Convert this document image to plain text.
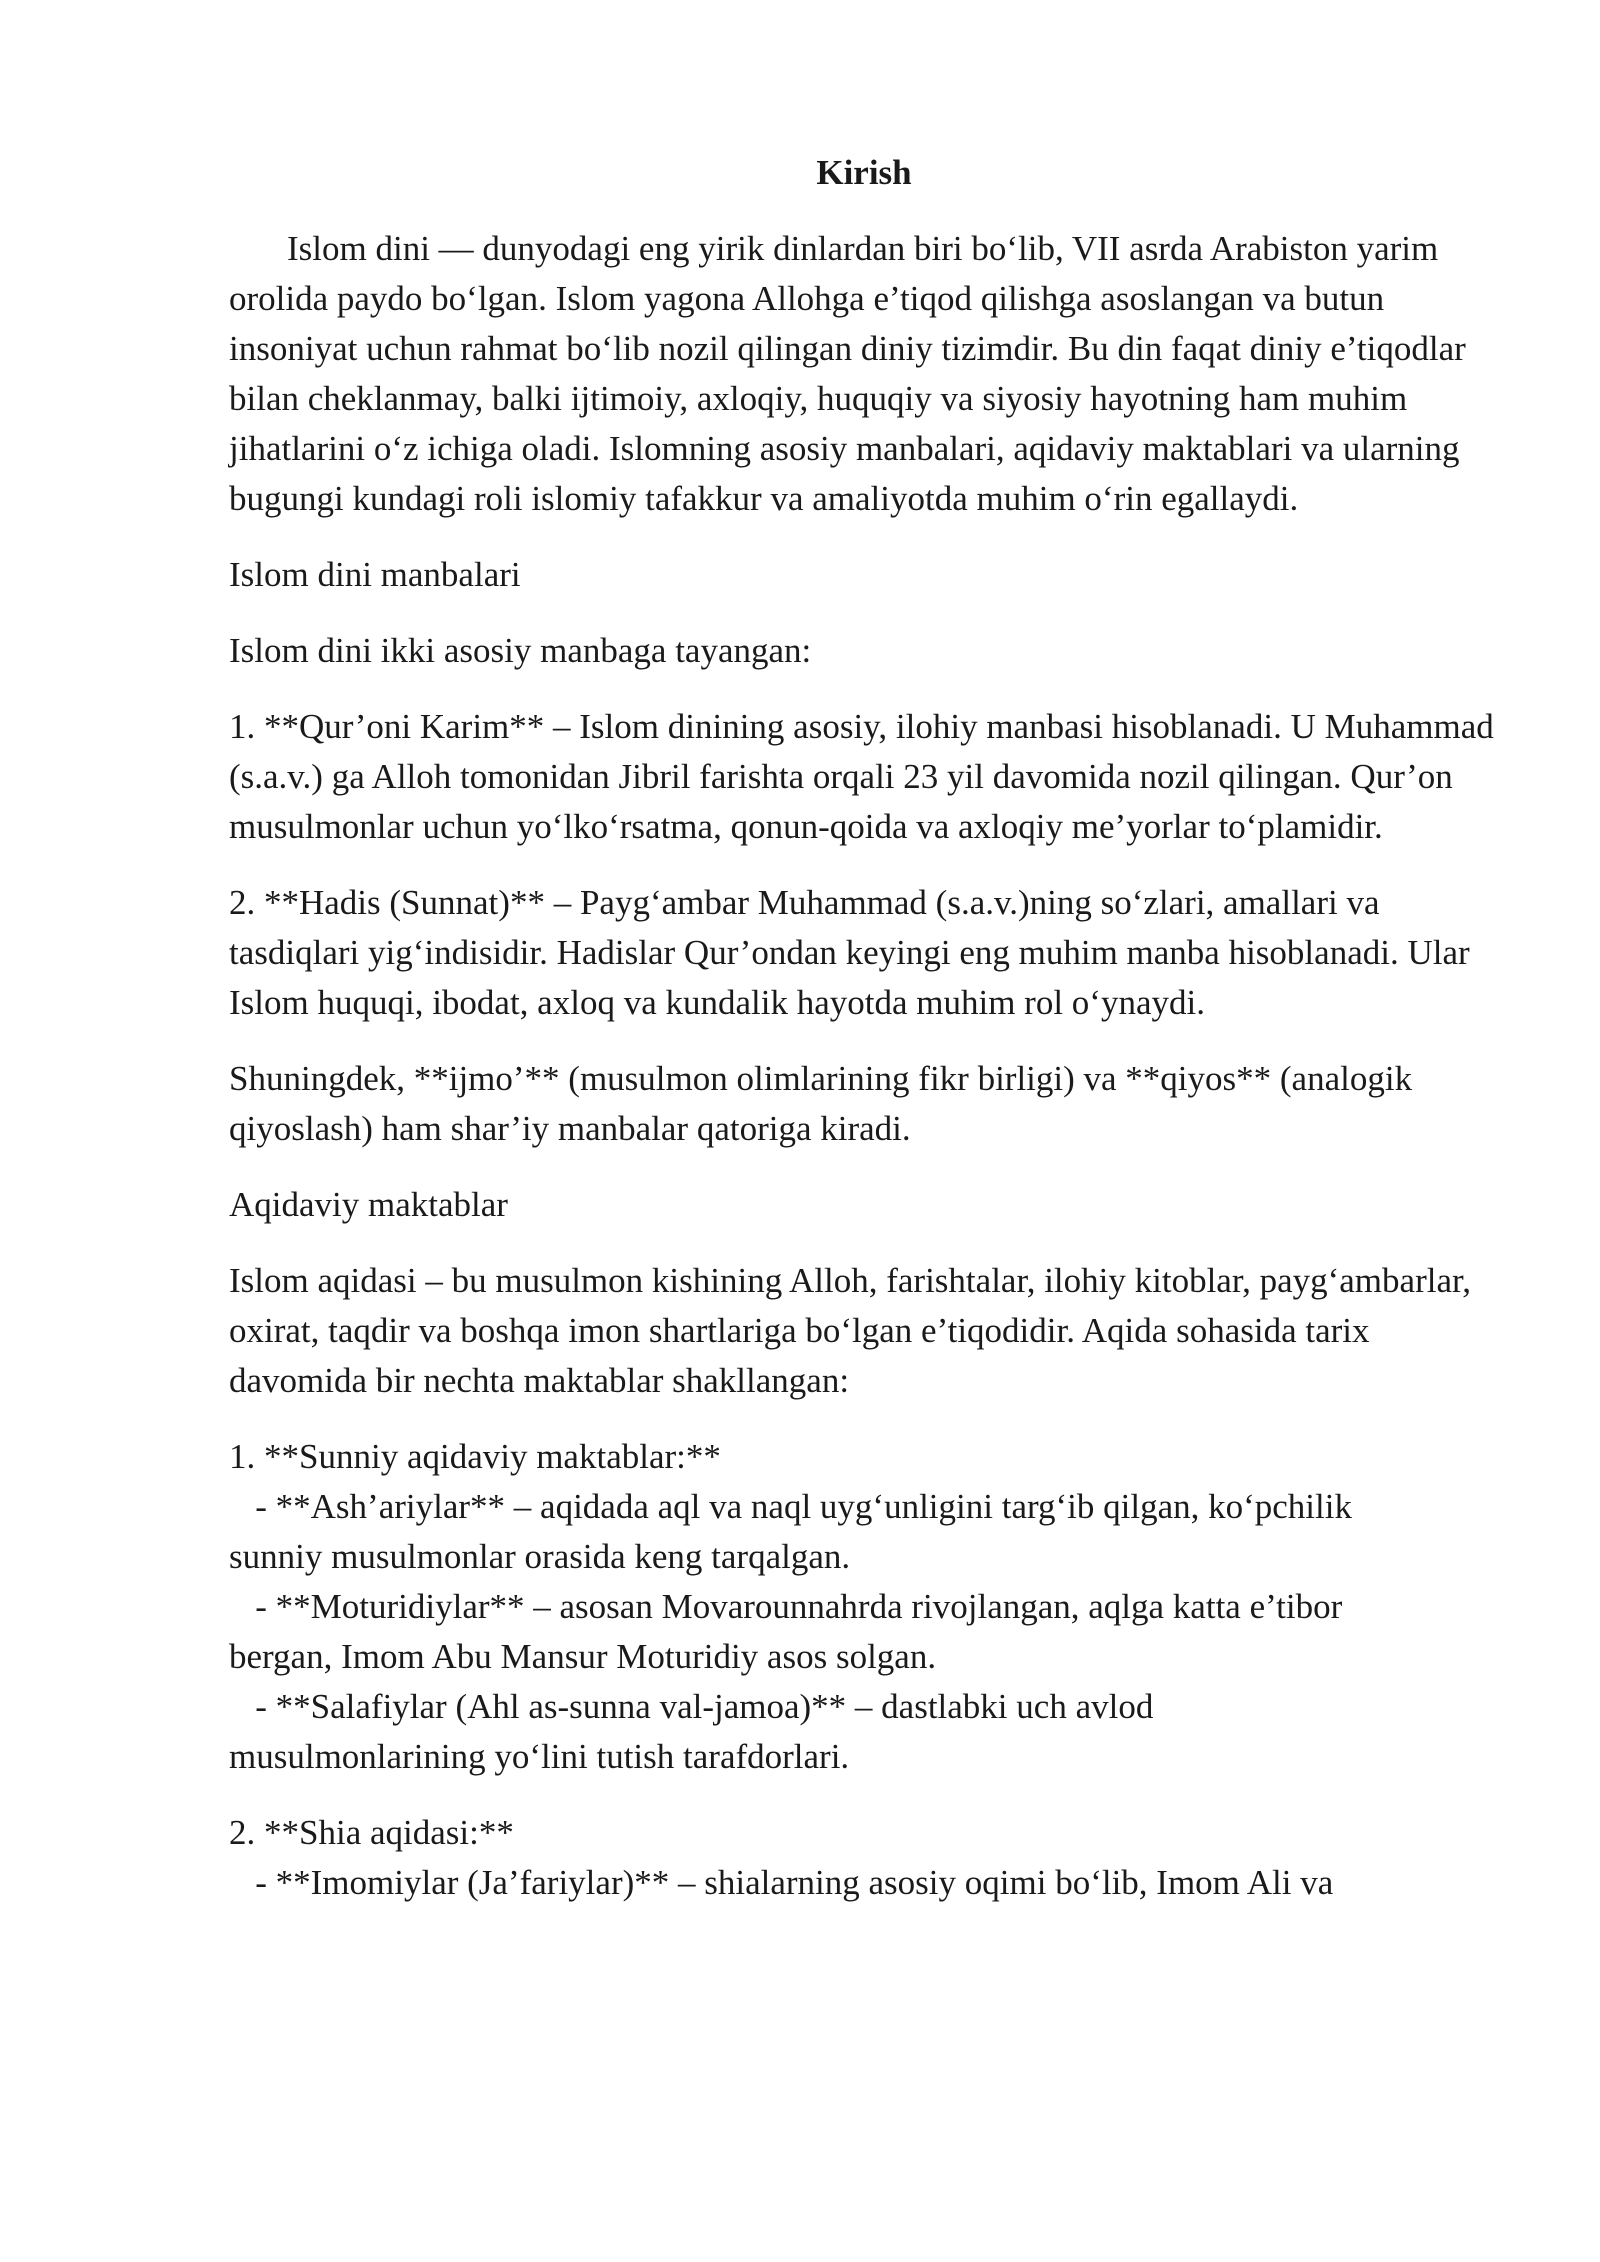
Kirish
Islom dini — dunyodagi eng yirik dinlardan biri bo‘lib, VII asrda Arabiston yarim orolida paydo bo‘lgan. Islom yagona Allohga e’tiqod qilishga asoslangan va butun insoniyat uchun rahmat bo‘lib nozil qilingan diniy tizimdir. Bu din faqat diniy e’tiqodlar bilan cheklanmay, balki ijtimoiy, axloqiy, huquqiy va siyosiy hayotning ham muhim jihatlarini o‘z ichiga oladi. Islomning asosiy manbalari, aqidaviy maktablari va ularning bugungi kundagi roli islomiy tafakkur va amaliyotda muhim o‘rin egallaydi.
Islom dini manbalari
Islom dini ikki asosiy manbaga tayangan:
1. **Qur’oni Karim** – Islom dinining asosiy, ilohiy manbasi hisoblanadi. U Muhammad (s.a.v.) ga Alloh tomonidan Jibril farishta orqali 23 yil davomida nozil qilingan. Qur’on musulmonlar uchun yo‘lko‘rsatma, qonun-qoida va axloqiy me’yorlar to‘plamidir.
2. **Hadis (Sunnat)** – Payg‘ambar Muhammad (s.a.v.)ning so‘zlari, amallari va tasdiqlari yig‘indisidir. Hadislar Qur’ondan keyingi eng muhim manba hisoblanadi. Ular Islom huquqi, ibodat, axloq va kundalik hayotda muhim rol o‘ynaydi.
Shuningdek, **ijmo’** (musulmon olimlarining fikr birligi) va **qiyos** (analogik qiyoslash) ham shar’iy manbalar qatoriga kiradi.
Aqidaviy maktablar
Islom aqidasi – bu musulmon kishining Alloh, farishtalar, ilohiy kitoblar, payg‘ambarlar, oxirat, taqdir va boshqa imon shartlariga bo‘lgan e’tiqodidir. Aqida sohasida tarix davomida bir nechta maktablar shakllangan:
1. **Sunniy aqidaviy maktablar:**
- **Ash’ariylar** – aqidada aql va naql uyg‘unligini targ‘ib qilgan, ko‘pchilik
sunniy musulmonlar orasida keng tarqalgan.
- **Moturidiylar** – asosan Movarounnahrda rivojlangan, aqlga katta e’tibor
bergan, Imom Abu Mansur Moturidiy asos solgan.
- **Salafiylar (Ahl as-sunna val-jamoa)** – dastlabki uch avlod
musulmonlarining yo‘lini tutish tarafdorlari.
2. **Shia aqidasi:**
- **Imomiylar (Ja’fariylar)** – shialarning asosiy oqimi bo‘lib, Imom Ali va
